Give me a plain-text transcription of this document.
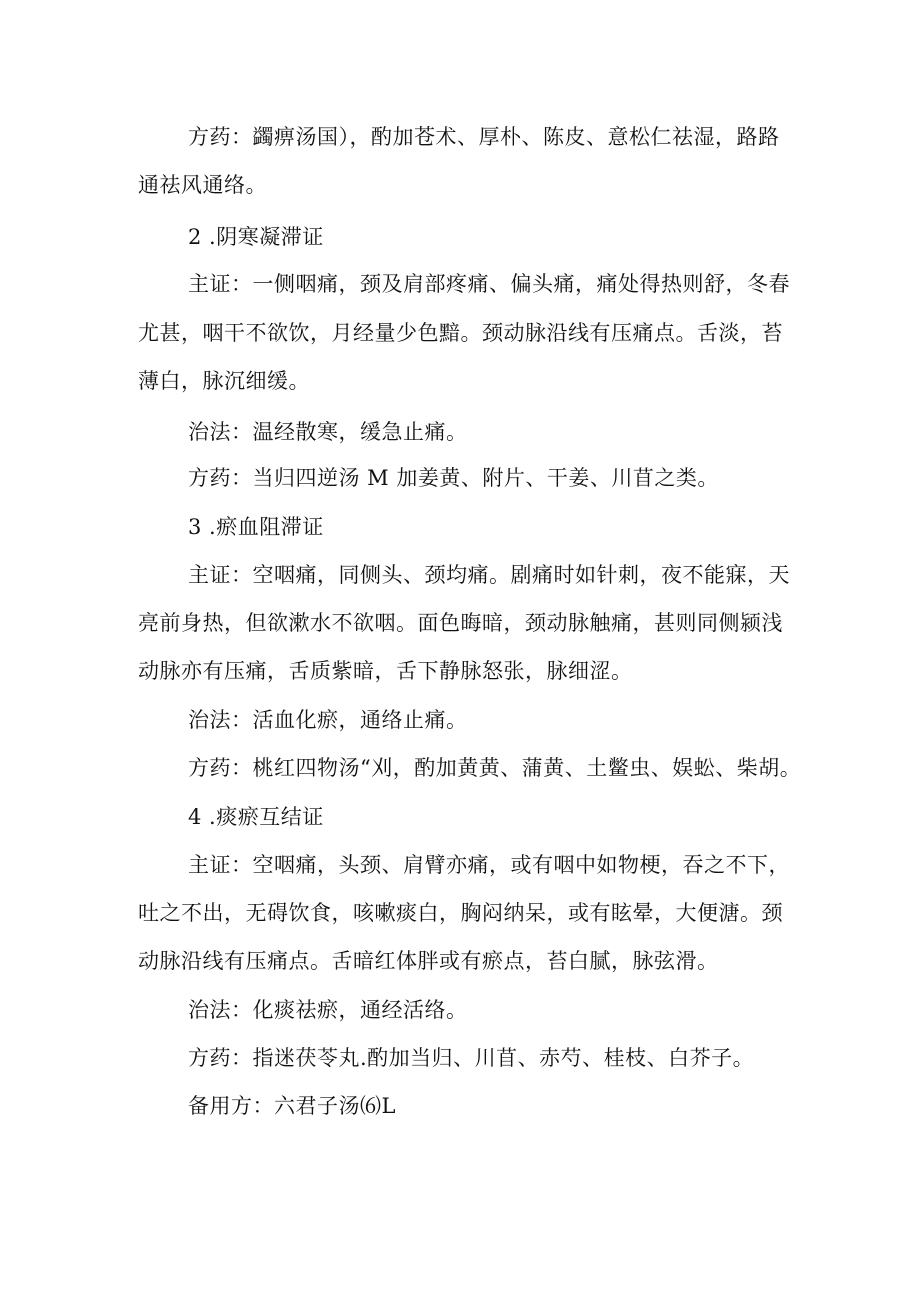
方药：蠲痹汤国），酌加苍术、厚朴、陈皮、意松仁祛湿，路路
通祛风通络。
2 .阴寒凝滞证
主证：一侧咽痛，颈及肩部疼痛、偏头痛，痛处得热则舒，冬春
尤甚，咽干不欲饮，月经量少色黯。颈动脉沿线有压痛点。舌淡，苔
薄白，脉沉细缓。
治法：温经散寒，缓急止痛。
方药：当归四逆汤 M 加姜黄、附片、干姜、川苜之类。
3 .瘀血阻滞证
主证：空咽痛，同侧头、颈均痛。剧痛时如针刺，夜不能寐，天
亮前身热，但欲漱水不欲咽。面色晦暗，颈动脉触痛，甚则同侧颍浅
动脉亦有压痛，舌质紫暗，舌下静脉怒张，脉细涩。
治法：活血化瘀，通络止痛。
方药：桃红四物汤“刈，酌加黄黄、蒲黄、土鳖虫、娱蚣、柴胡。
4 .痰瘀互结证
主证：空咽痛，头颈、肩臂亦痛，或有咽中如物梗，吞之不下，
吐之不出，无碍饮食，咳嗽痰白，胸闷纳呆，或有眩晕，大便溏。颈
动脉沿线有压痛点。舌暗红体胖或有瘀点，苔白腻，脉弦滑。
治法：化痰祛瘀，通经活络。
方药：指迷茯苓丸.酌加当归、川苜、赤芍、桂枝、白芥子。
备用方：六君子汤⑹L
